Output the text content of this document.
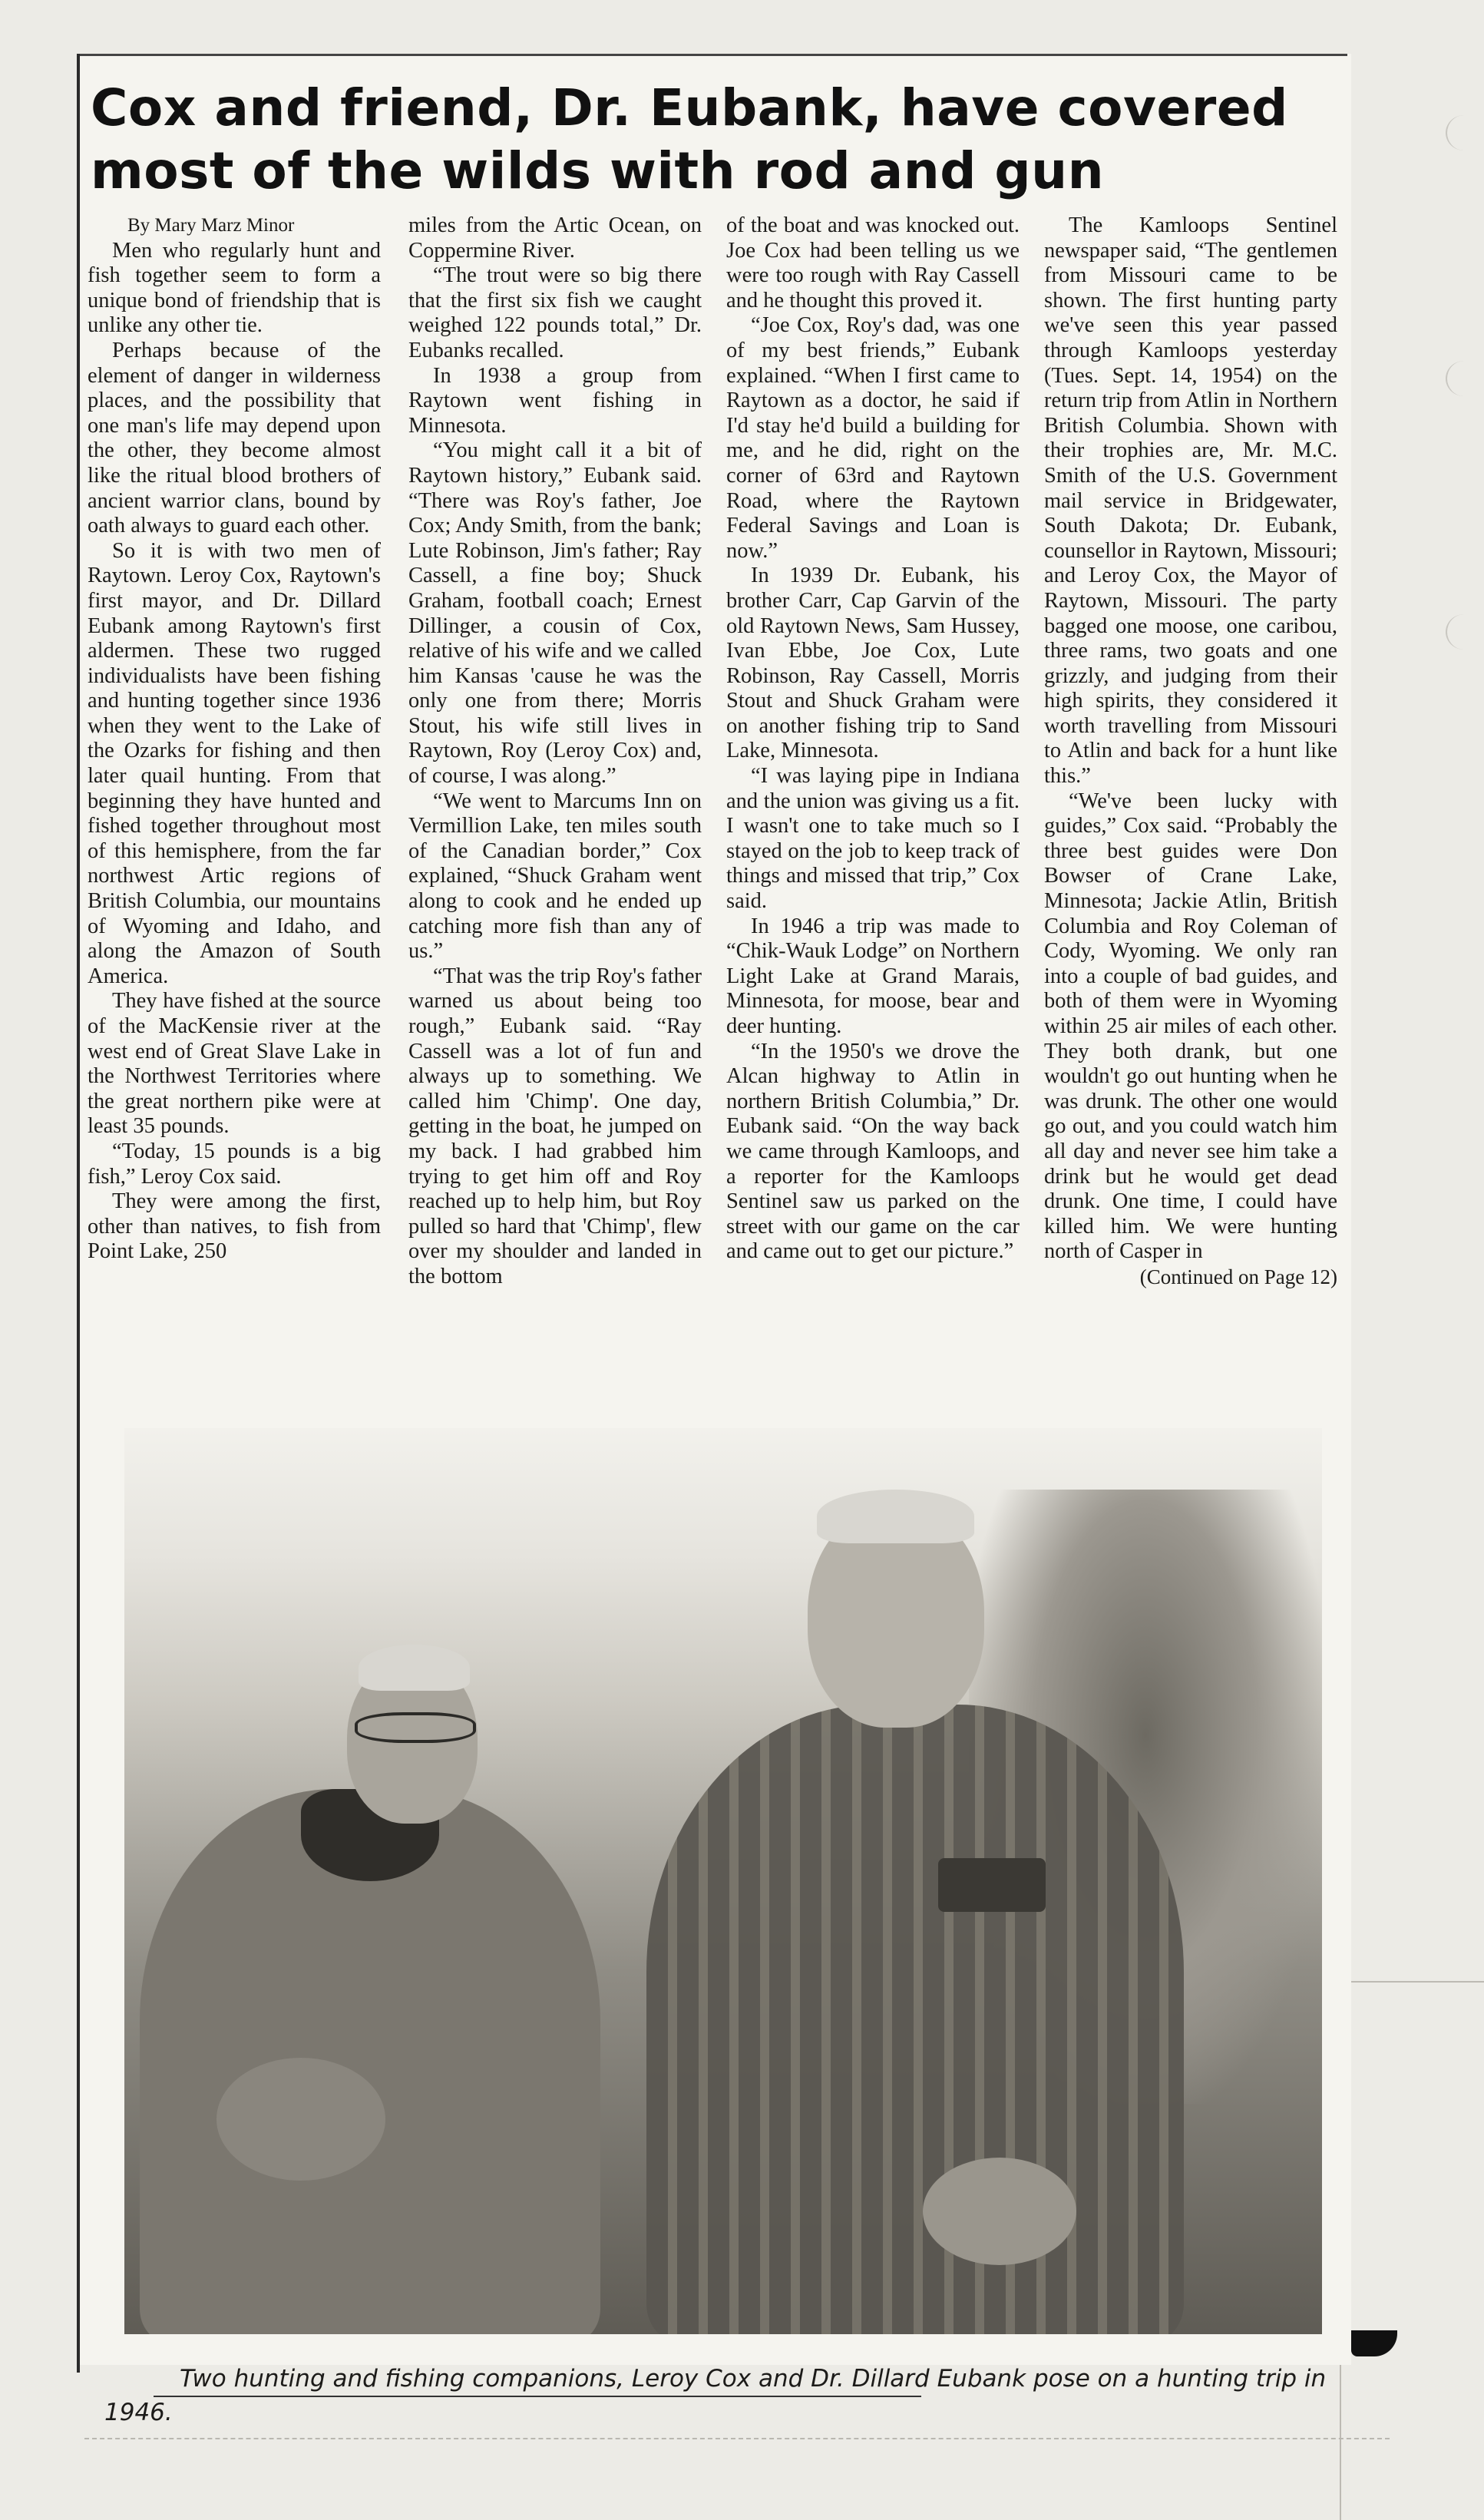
Cox and friend, Dr. Eubank, have covered most of the wilds with rod and gun

By Mary Marz Minor

Men who regularly hunt and fish together seem to form a unique bond of friendship that is unlike any other tie.

Perhaps because of the element of danger in wilderness places, and the possibility that one man's life may depend upon the other, they become almost like the ritual blood brothers of ancient warrior clans, bound by oath always to guard each other.

So it is with two men of Raytown. Leroy Cox, Raytown's first mayor, and Dr. Dillard Eubank among Raytown's first aldermen. These two rugged individualists have been fishing and hunting together since 1936 when they went to the Lake of the Ozarks for fishing and then later quail hunting. From that beginning they have hunted and fished together throughout most of this hemisphere, from the far northwest Artic regions of British Columbia, our mountains of Wyoming and Idaho, and along the Amazon of South America.

They have fished at the source of the MacKensie river at the west end of Great Slave Lake in the Northwest Territories where the great northern pike were at least 35 pounds.

“Today, 15 pounds is a big fish,” Leroy Cox said.

They were among the first, other than natives, to fish from Point Lake, 250

miles from the Artic Ocean, on Coppermine River.

“The trout were so big there that the first six fish we caught weighed 122 pounds total,” Dr. Eubanks recalled.

In 1938 a group from Raytown went fishing in Minnesota.

“You might call it a bit of Raytown history,” Eubank said. “There was Roy's father, Joe Cox; Andy Smith, from the bank; Lute Robinson, Jim's father; Ray Cassell, a fine boy; Shuck Graham, football coach; Ernest Dillinger, a cousin of Cox, relative of his wife and we called him Kansas 'cause he was the only one from there; Morris Stout, his wife still lives in Raytown, Roy (Leroy Cox) and, of course, I was along.”

“We went to Marcums Inn on Vermillion Lake, ten miles south of the Canadian border,” Cox explained, “Shuck Graham went along to cook and he ended up catching more fish than any of us.”

“That was the trip Roy's father warned us about being too rough,” Eubank said. “Ray Cassell was a lot of fun and always up to something. We called him 'Chimp'. One day, getting in the boat, he jumped on my back. I had grabbed him trying to get him off and Roy reached up to help him, but Roy pulled so hard that 'Chimp', flew over my shoulder and landed in the bottom

of the boat and was knocked out. Joe Cox had been telling us we were too rough with Ray Cassell and he thought this proved it.

“Joe Cox, Roy's dad, was one of my best friends,” Eubank explained. “When I first came to Raytown as a doctor, he said if I'd stay he'd build a building for me, and he did, right on the corner of 63rd and Raytown Road, where the Raytown Federal Savings and Loan is now.”

In 1939 Dr. Eubank, his brother Carr, Cap Garvin of the old Raytown News, Sam Hussey, Ivan Ebbe, Joe Cox, Lute Robinson, Ray Cassell, Morris Stout and Shuck Graham were on another fishing trip to Sand Lake, Minnesota.

“I was laying pipe in Indiana and the union was giving us a fit. I wasn't one to take much so I stayed on the job to keep track of things and missed that trip,” Cox said.

In 1946 a trip was made to “Chik-Wauk Lodge” on Northern Light Lake at Grand Marais, Minnesota, for moose, bear and deer hunting.

“In the 1950's we drove the Alcan highway to Atlin in northern British Columbia,” Dr. Eubank said. “On the way back we came through Kamloops, and a reporter for the Kamloops Sentinel saw us parked on the street with our game on the car and came out to get our picture.”

The Kamloops Sentinel newspaper said, “The gentlemen from Missouri came to be shown. The first hunting party we've seen this year passed through Kamloops yesterday (Tues. Sept. 14, 1954) on the return trip from Atlin in Northern British Columbia. Shown with their trophies are, Mr. M.C. Smith of the U.S. Government mail service in Bridgewater, South Dakota; Dr. Eubank, counsellor in Raytown, Missouri; and Leroy Cox, the Mayor of Raytown, Missouri. The party bagged one moose, one caribou, three rams, two goats and one grizzly, and judging from their high spirits, they considered it worth travelling from Missouri to Atlin and back for a hunt like this.”

“We've been lucky with guides,” Cox said. “Probably the three best guides were Don Bowser of Crane Lake, Minnesota; Jackie Atlin, British Columbia and Roy Coleman of Cody, Wyoming. We only ran into a couple of bad guides, and both of them were in Wyoming within 25 air miles of each other. They both drank, but one wouldn't go out hunting when he was drunk. The other one would go out, and you could watch him all day and never see him take a drink but he would get dead drunk. One time, I could have killed him. We were hunting north of Casper in

(Continued on Page 12)

Two hunting and fishing companions, Leroy Cox and Dr. Dillard Eubank pose on a hunting trip in 1946.
